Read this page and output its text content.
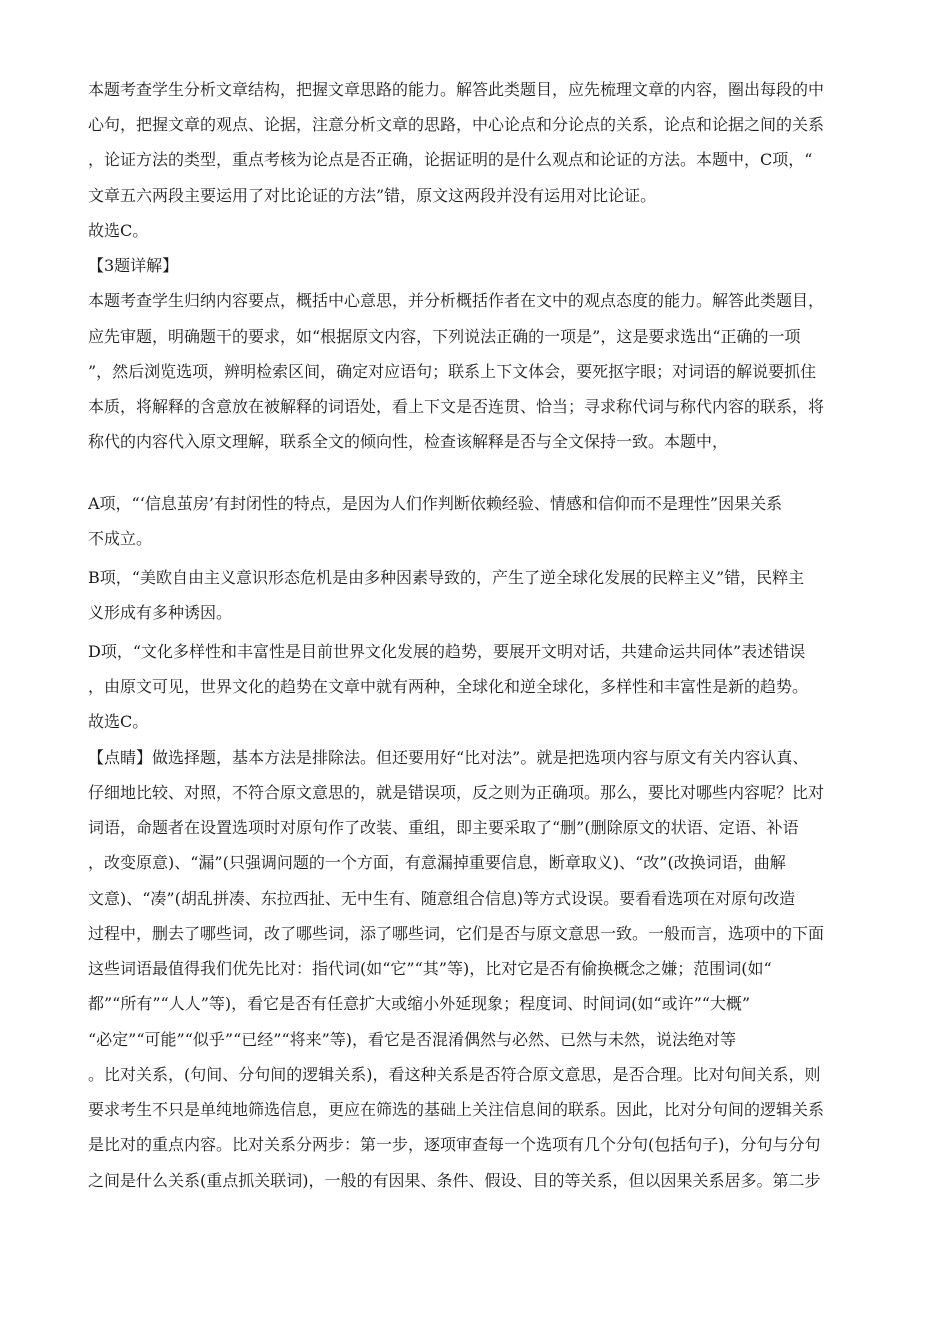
本题考查学生分析文章结构，把握文章思路的能力。解答此类题目，应先梳理文章的内容，圈出每段的中
心句，把握文章的观点、论据，注意分析文章的思路，中心论点和分论点的关系，论点和论据之间的关系
，论证方法的类型，重点考核为论点是否正确，论据证明的是什么观点和论证的方法。本题中，C项，“
文章五六两段主要运用了对比论证的方法”错，原文这两段并没有运用对比论证。
故选C。
【3题详解】
本题考查学生归纳内容要点，概括中心意思，并分析概括作者在文中的观点态度的能力。解答此类题目，
应先审题，明确题干的要求，如“根据原文内容，下列说法正确的一项是”，这是要求选出“正确的一项
”，然后浏览选项，辨明检索区间，确定对应语句；联系上下文体会，要死抠字眼；对词语的解说要抓住
本质，将解释的含意放在被解释的词语处，看上下文是否连贯、恰当；寻求称代词与称代内容的联系，将
称代的内容代入原文理解，联系全文的倾向性，检查该解释是否与全文保持一致。本题中，
A项，“‘信息茧房’有封闭性的特点，是因为人们作判断依赖经验、情感和信仰而不是理性”因果关系
不成立。
B项，“美欧自由主义意识形态危机是由多种因素导致的，产生了逆全球化发展的民粹主义”错，民粹主
义形成有多种诱因。
D项，“文化多样性和丰富性是目前世界文化发展的趋势，要展开文明对话，共建命运共同体”表述错误
，由原文可见，世界文化的趋势在文章中就有两种，全球化和逆全球化，多样性和丰富性是新的趋势。
故选C。
【点睛】做选择题，基本方法是排除法。但还要用好“比对法”。就是把选项内容与原文有关内容认真、
仔细地比较、对照，不符合原文意思的，就是错误项，反之则为正确项。那么，要比对哪些内容呢？比对
词语，命题者在设置选项时对原句作了改装、重组，即主要采取了“删”(删除原文的状语、定语、补语
，改变原意)、“漏”(只强调问题的一个方面，有意漏掉重要信息，断章取义)、“改”(改换词语，曲解
文意)、“凑”(胡乱拼凑、东拉西扯、无中生有、随意组合信息)等方式设误。要看看选项在对原句改造
过程中，删去了哪些词，改了哪些词，添了哪些词，它们是否与原文意思一致。一般而言，选项中的下面
这些词语最值得我们优先比对：指代词(如“它”“其”等)，比对它是否有偷换概念之嫌；范围词(如“
都”“所有”“人人”等)，看它是否有任意扩大或缩小外延现象；程度词、时间词(如“或许”“大概”
“必定”“可能”“似乎”“已经”“将来”等)，看它是否混淆偶然与必然、已然与未然，说法绝对等
。比对关系，(句间、分句间的逻辑关系)，看这种关系是否符合原文意思，是否合理。比对句间关系，则
要求考生不只是单纯地筛选信息，更应在筛选的基础上关注信息间的联系。因此，比对分句间的逻辑关系
是比对的重点内容。比对关系分两步：第一步，逐项审查每一个选项有几个分句(包括句子)，分句与分句
之间是什么关系(重点抓关联词)，一般的有因果、条件、假设、目的等关系，但以因果关系居多。第二步
